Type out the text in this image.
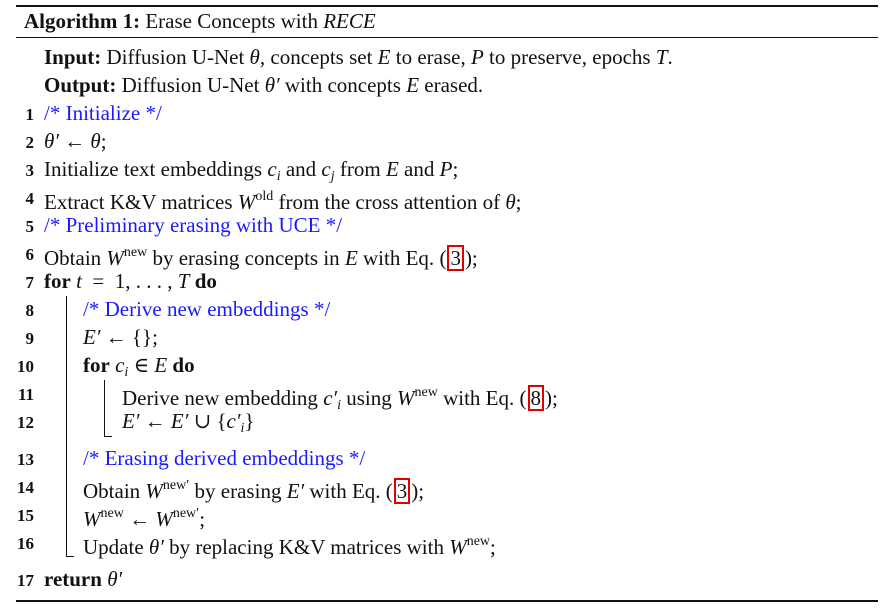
Algorithm 1: Erase Concepts with RECE
Input: Diffusion U-Net θ, concepts set E to erase, P to preserve, epochs T.
Output: Diffusion U-Net θ′ with concepts E erased.
1
2
3
4
5
6
7
8
9
10
11
12
13
14
15
16
17
/* Initialize */
θ′ ← θ;
Initialize text embeddings $c_i$ and $c_j$ from E and P;
Extract K&V matrices $W^{old}$ from the cross attention of θ;
/* Preliminary erasing with UCE */
Obtain $W^{new}$ by erasing concepts in E with Eq. ( 3 );
for t  =  1, . . . , T do
/* Derive new embeddings */
E′ ← {};
for $c_i$ ∈ E do
Derive new embedding $c'_i$ using $W^{new}$ with Eq. ( 8 );
E′ ← E′ ∪ $\{c'_i\}$
/* Erasing derived embeddings */
Obtain $W^{new'}$ by erasing E′ with Eq. ( 3 );
$W^{new}$ ← $W^{new'}$;
Update θ′ by replacing K&V matrices with $W^{new}$;
return θ′
